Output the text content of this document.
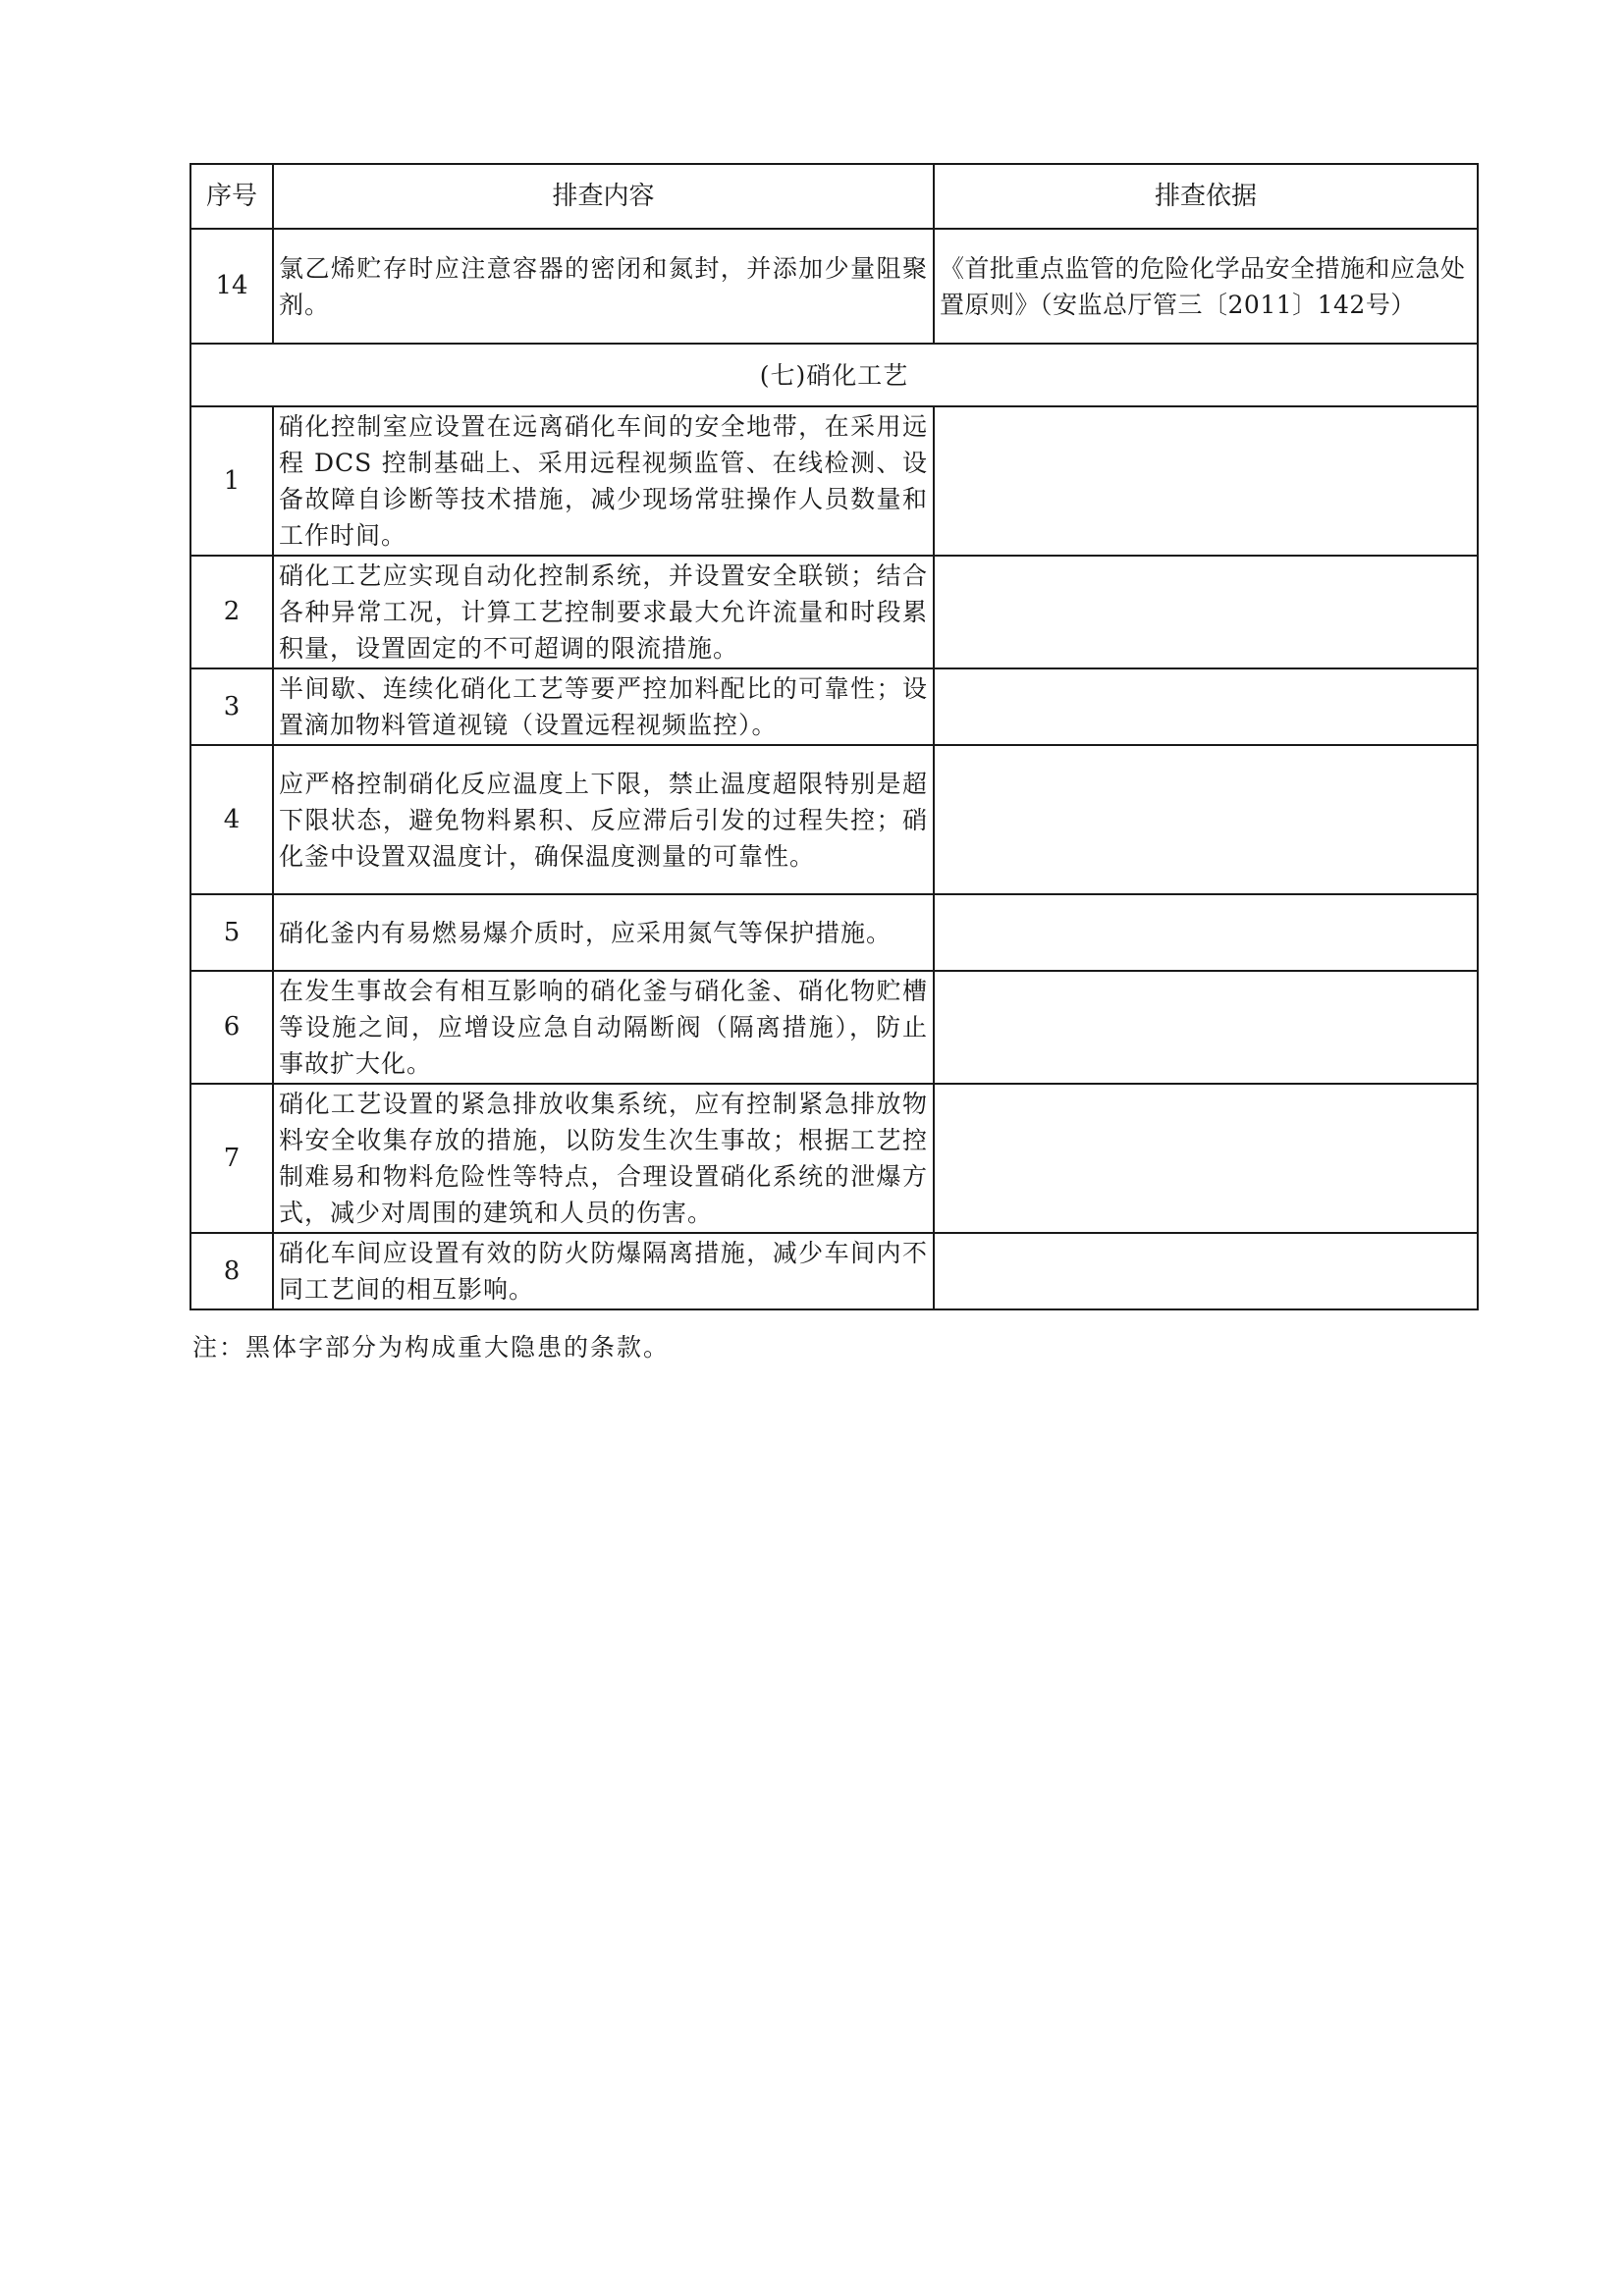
序号	排查内容	排查依据
14	氯乙烯贮存时应注意容器的密闭和氮封，并添加少量阻聚剂。	《首批重点监管的危险化学品安全措施和应急处置原则》（安监总厅管三〔2011〕142号）
(七)硝化工艺		
1	硝化控制室应设置在远离硝化车间的安全地带，在采用远程 DCS 控制基础上、采用远程视频监管、在线检测、设备故障自诊断等技术措施，减少现场常驻操作人员数量和工作时间。	
2	硝化工艺应实现自动化控制系统，并设置安全联锁；结合各种异常工况，计算工艺控制要求最大允许流量和时段累积量，设置固定的不可超调的限流措施。	
3	半间歇、连续化硝化工艺等要严控加料配比的可靠性；设置滴加物料管道视镜（设置远程视频监控）。	
4	应严格控制硝化反应温度上下限，禁止温度超限特别是超下限状态，避免物料累积、反应滞后引发的过程失控；硝化釜中设置双温度计，确保温度测量的可靠性。	
5	硝化釜内有易燃易爆介质时，应采用氮气等保护措施。	
6	在发生事故会有相互影响的硝化釜与硝化釜、硝化物贮槽等设施之间，应增设应急自动隔断阀（隔离措施），防止事故扩大化。	
7	硝化工艺设置的紧急排放收集系统，应有控制紧急排放物料安全收集存放的措施，以防发生次生事故；根据工艺控制难易和物料危险性等特点，合理设置硝化系统的泄爆方式，减少对周围的建筑和人员的伤害。	
8	硝化车间应设置有效的防火防爆隔离措施，减少车间内不同工艺间的相互影响。	
注：黑体字部分为构成重大隐患的条款。
